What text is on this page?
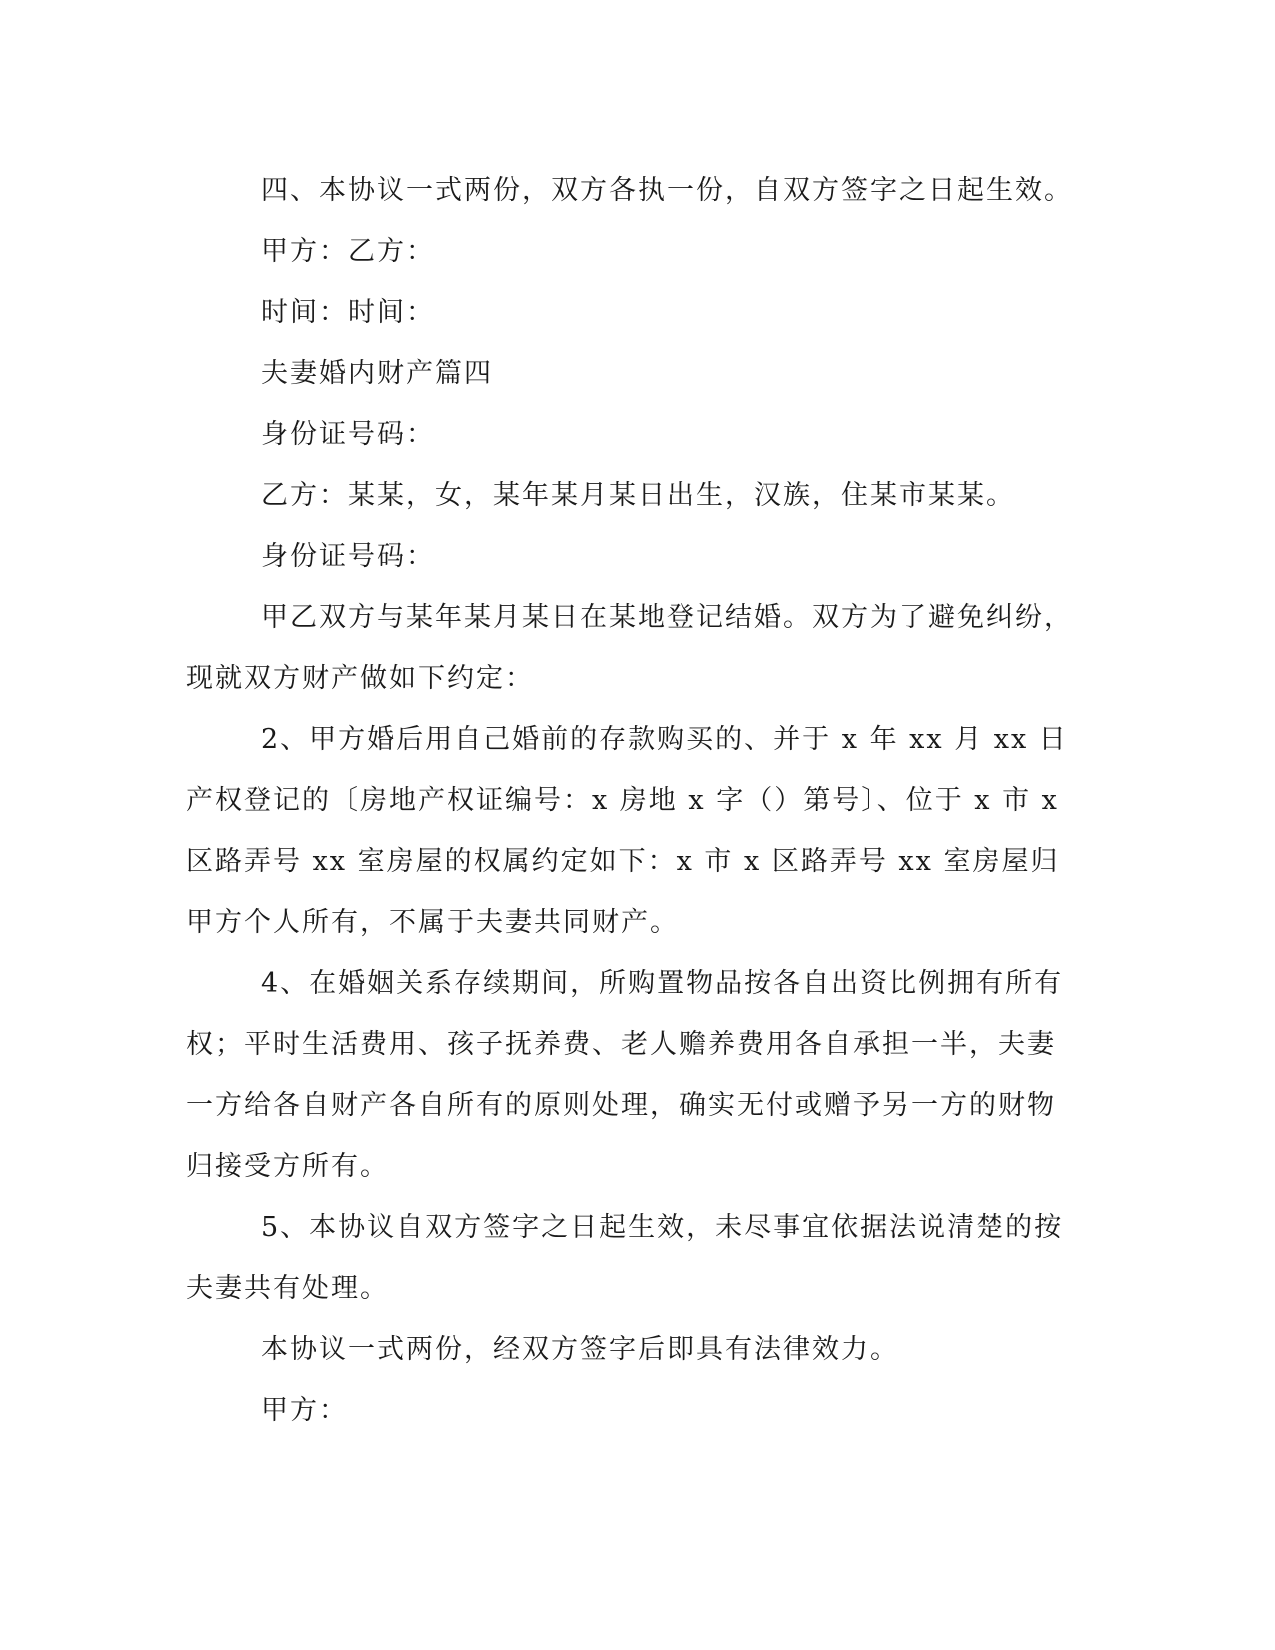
四、本协议一式两份，双方各执一份，自双方签字之日起生效。

甲方：乙方：

时间：时间：

夫妻婚内财产篇四

身份证号码：

乙方：某某，女，某年某月某日出生，汉族，住某市某某。

身份证号码：

甲乙双方与某年某月某日在某地登记结婚。双方为了避免纠纷，现就双方财产做如下约定：

2、甲方婚后用自己婚前的存款购买的、并于 x 年 xx 月 xx 日产权登记的〔房地产权证编号：x 房地 x 字（）第号〕、位于 x 市 x 区路弄号 xx 室房屋的权属约定如下：x 市 x 区路弄号 xx 室房屋归甲方个人所有，不属于夫妻共同财产。

4、在婚姻关系存续期间，所购置物品按各自出资比例拥有所有权；平时生活费用、孩子抚养费、老人赡养费用各自承担一半，夫妻一方给各自财产各自所有的原则处理，确实无付或赠予另一方的财物归接受方所有。

5、本协议自双方签字之日起生效，未尽事宜依据法说清楚的按夫妻共有处理。

本协议一式两份，经双方签字后即具有法律效力。

甲方：
